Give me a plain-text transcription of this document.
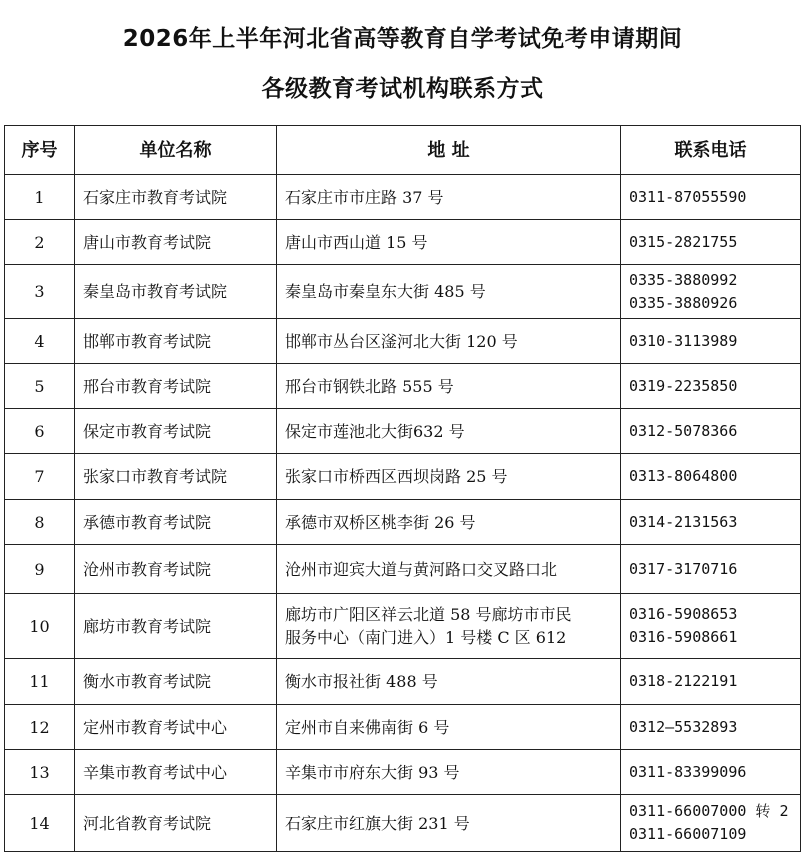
2026年上半年河北省高等教育自学考试免考申请期间
各级教育考试机构联系方式
序号	单位名称	地 址	联系电话
1	石家庄市教育考试院	石家庄市市庄路 37 号	0311-87055590

2	唐山市教育考试院	唐山市西山道 15 号	0315-2821755

3	秦皇岛市教育考试院	秦皇岛市秦皇东大街 485 号	0335-3880992
0335-3880926

4	邯郸市教育考试院	邯郸市丛台区滏河北大街 120 号	0310-3113989

5	邢台市教育考试院	邢台市钢铁北路 555 号	0319-2235850

6	保定市教育考试院	保定市莲池北大街632 号	0312-5078366

7	张家口市教育考试院	张家口市桥西区西坝岗路 25 号	0313-8064800

8	承德市教育考试院	承德市双桥区桃李街 26 号	0314-2131563

9	沧州市教育考试院	沧州市迎宾大道与黄河路口交叉路口北	0317-3170716

10	廊坊市教育考试院	廊坊市广阳区祥云北道 58 号廊坊市市民
服务中心（南门进入）1 号楼 C 区 612	0316-5908653
0316-5908661

11	衡水市教育考试院	衡水市报社街 488 号	0318-2122191

12	定州市教育考试中心	定州市自来佛南街 6 号	0312—5532893

13	辛集市教育考试中心	辛集市市府东大街 93 号	0311-83399096

14	河北省教育考试院	石家庄市红旗大街 231 号	0311-66007000 转 2
0311-66007109
